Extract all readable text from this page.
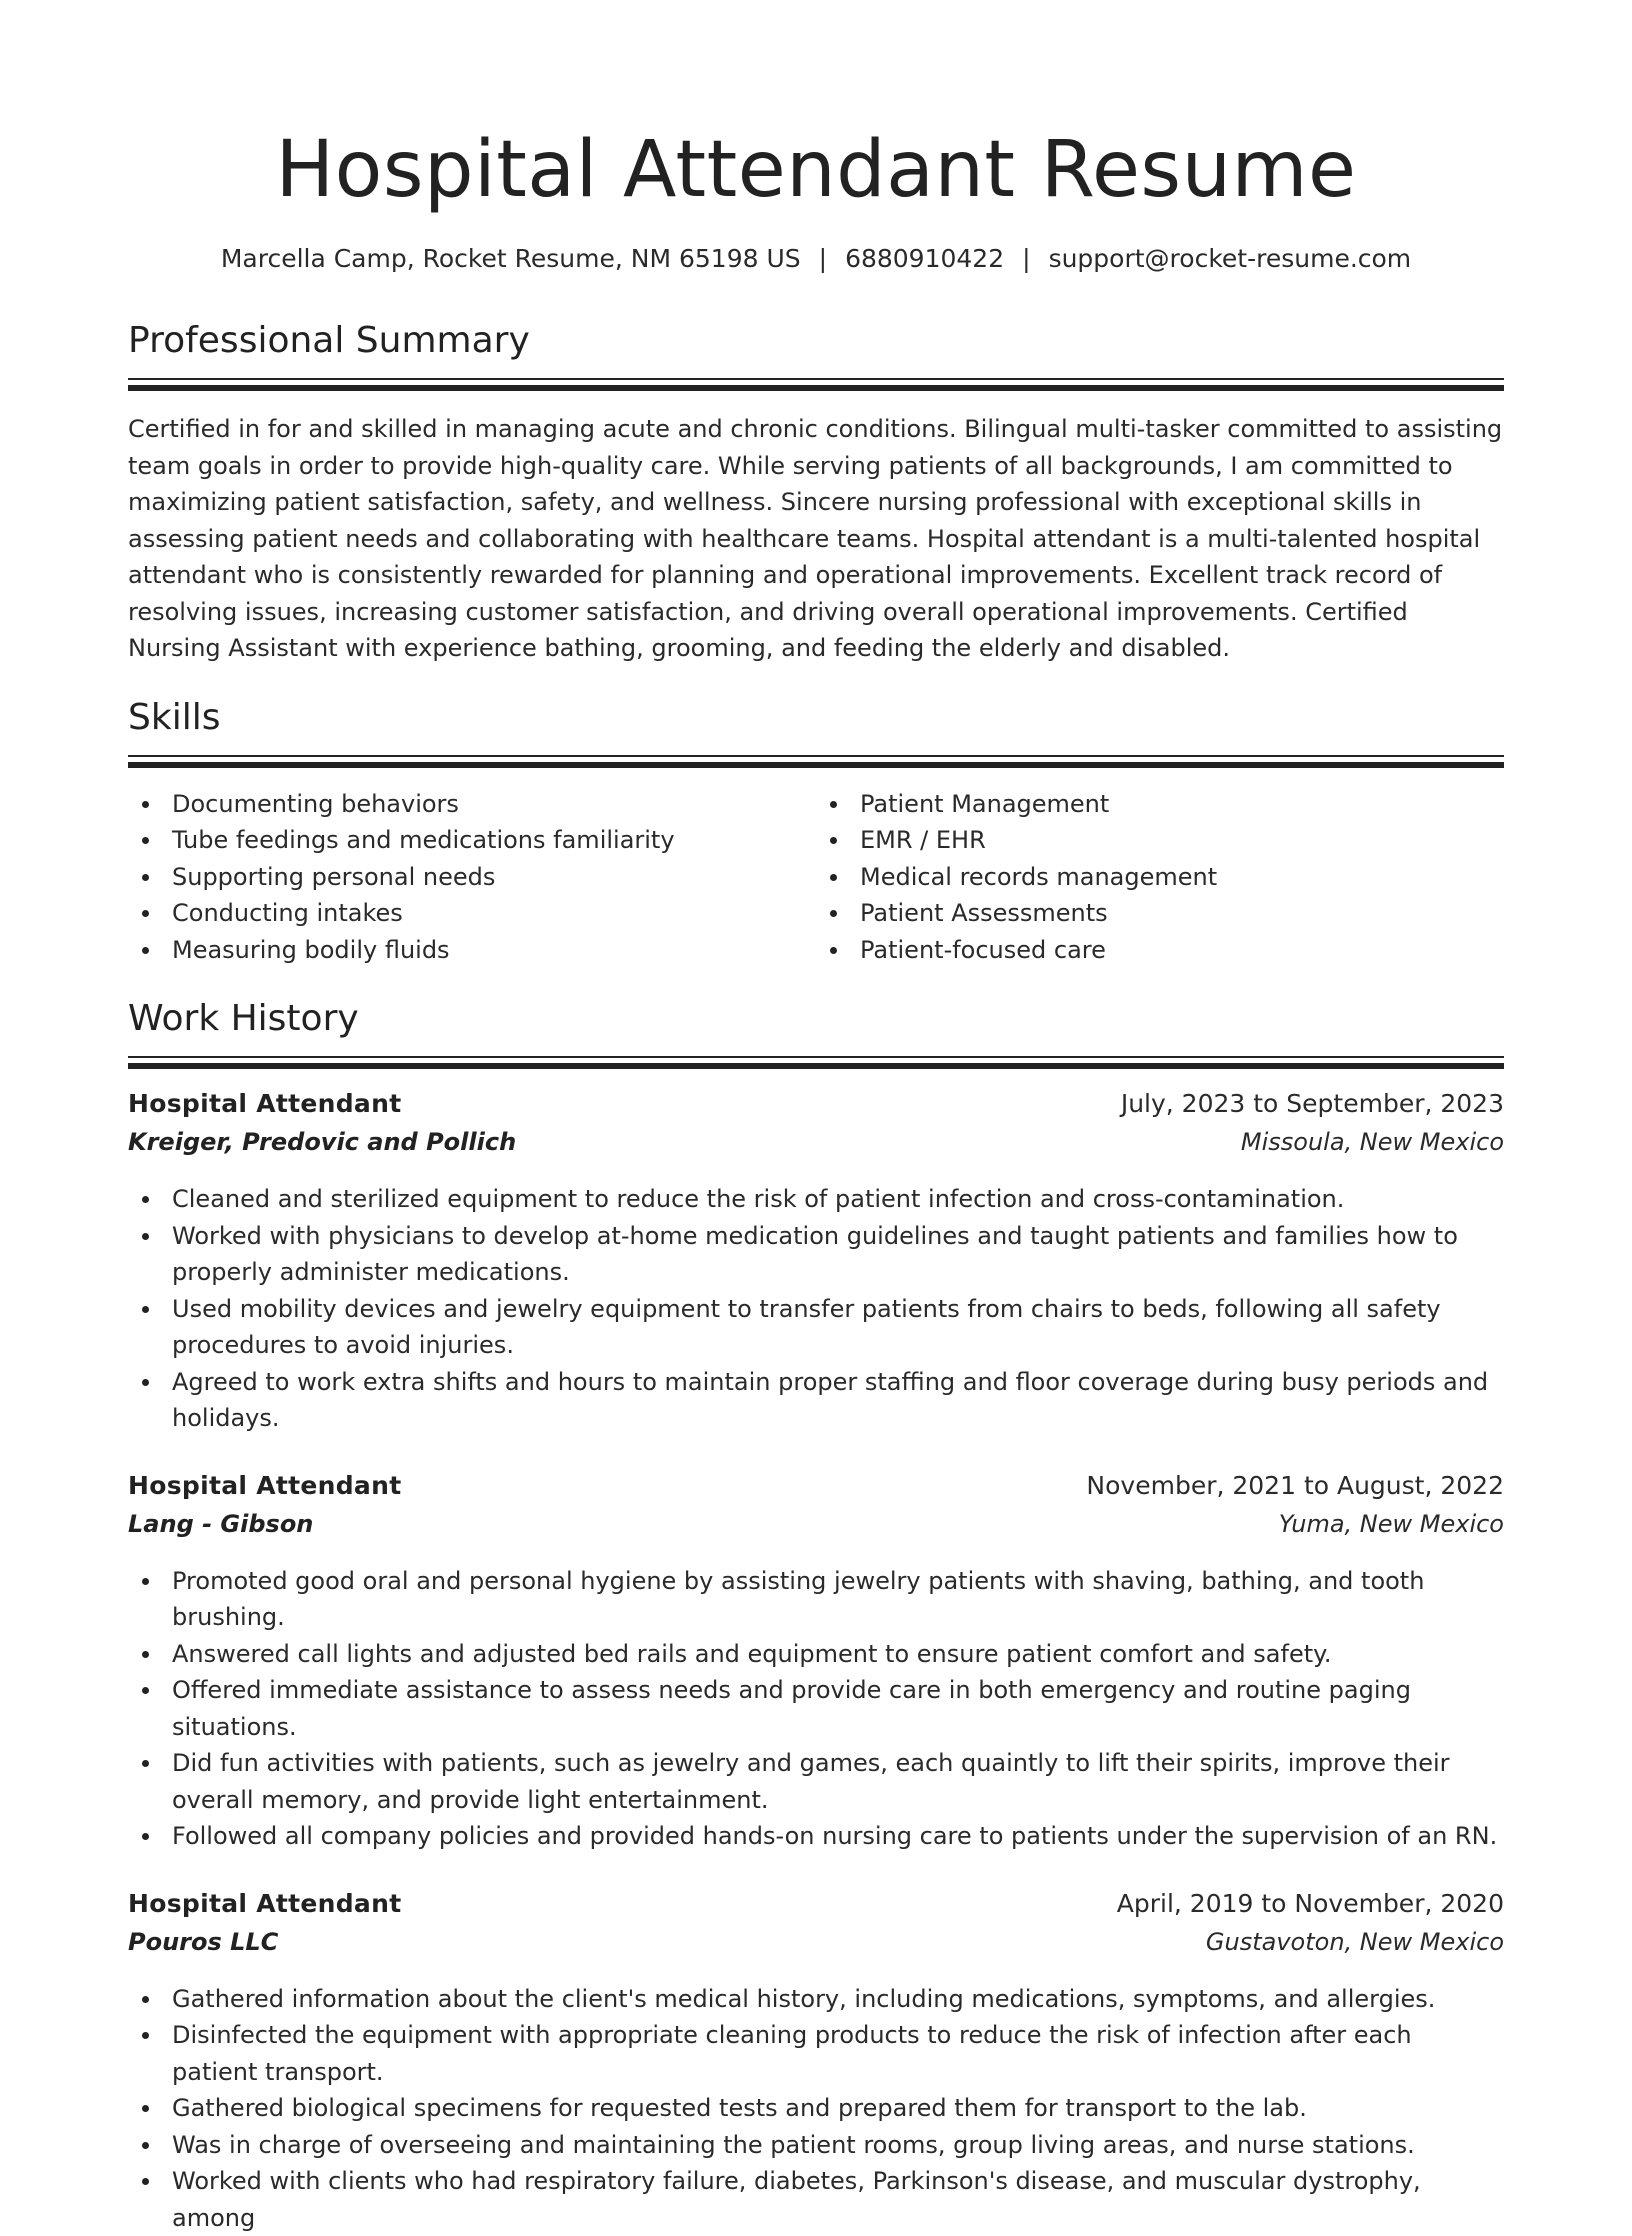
Hospital Attendant Resume
Marcella Camp, Rocket Resume, NM 65198 US | 6880910422 | support@rocket-resume.com
Professional Summary

Certified in for and skilled in managing acute and chronic conditions. Bilingual multi-tasker committed to assisting team goals in order to provide high-quality care. While serving patients of all backgrounds, I am committed to maximizing patient satisfaction, safety, and wellness. Sincere nursing professional with exceptional skills in assessing patient needs and collaborating with healthcare teams. Hospital attendant is a multi-talented hospital attendant who is consistently rewarded for planning and operational improvements. Excellent track record of resolving issues, increasing customer satisfaction, and driving overall operational improvements. Certified Nursing Assistant with experience bathing, grooming, and feeding the elderly and disabled.

Skills
Documenting behaviors
Tube feedings and medications familiarity
Supporting personal needs
Conducting intakes
Measuring bodily fluids
Patient Management
EMR / EHR
Medical records management
Patient Assessments
Patient-focused care
Work History
Hospital Attendant	July, 2023 to September, 2023
Kreiger, Predovic and Pollich	Missoula, New Mexico
Cleaned and sterilized equipment to reduce the risk of patient infection and cross-contamination.
Worked with physicians to develop at-home medication guidelines and taught patients and families how to properly administer medications.
Used mobility devices and jewelry equipment to transfer patients from chairs to beds, following all safety procedures to avoid injuries.
Agreed to work extra shifts and hours to maintain proper staffing and floor coverage during busy periods and holidays.
Hospital Attendant	November, 2021 to August, 2022
Lang - Gibson	Yuma, New Mexico
Promoted good oral and personal hygiene by assisting jewelry patients with shaving, bathing, and tooth brushing.
Answered call lights and adjusted bed rails and equipment to ensure patient comfort and safety.
Offered immediate assistance to assess needs and provide care in both emergency and routine paging situations.
Did fun activities with patients, such as jewelry and games, each quaintly to lift their spirits, improve their overall memory, and provide light entertainment.
Followed all company policies and provided hands-on nursing care to patients under the supervision of an RN.
Hospital Attendant	April, 2019 to November, 2020
Pouros LLC	Gustavoton, New Mexico
Gathered information about the client's medical history, including medications, symptoms, and allergies.
Disinfected the equipment with appropriate cleaning products to reduce the risk of infection after each patient transport.
Gathered biological specimens for requested tests and prepared them for transport to the lab.
Was in charge of overseeing and maintaining the patient rooms, group living areas, and nurse stations.
Worked with clients who had respiratory failure, diabetes, Parkinson's disease, and muscular dystrophy, among
